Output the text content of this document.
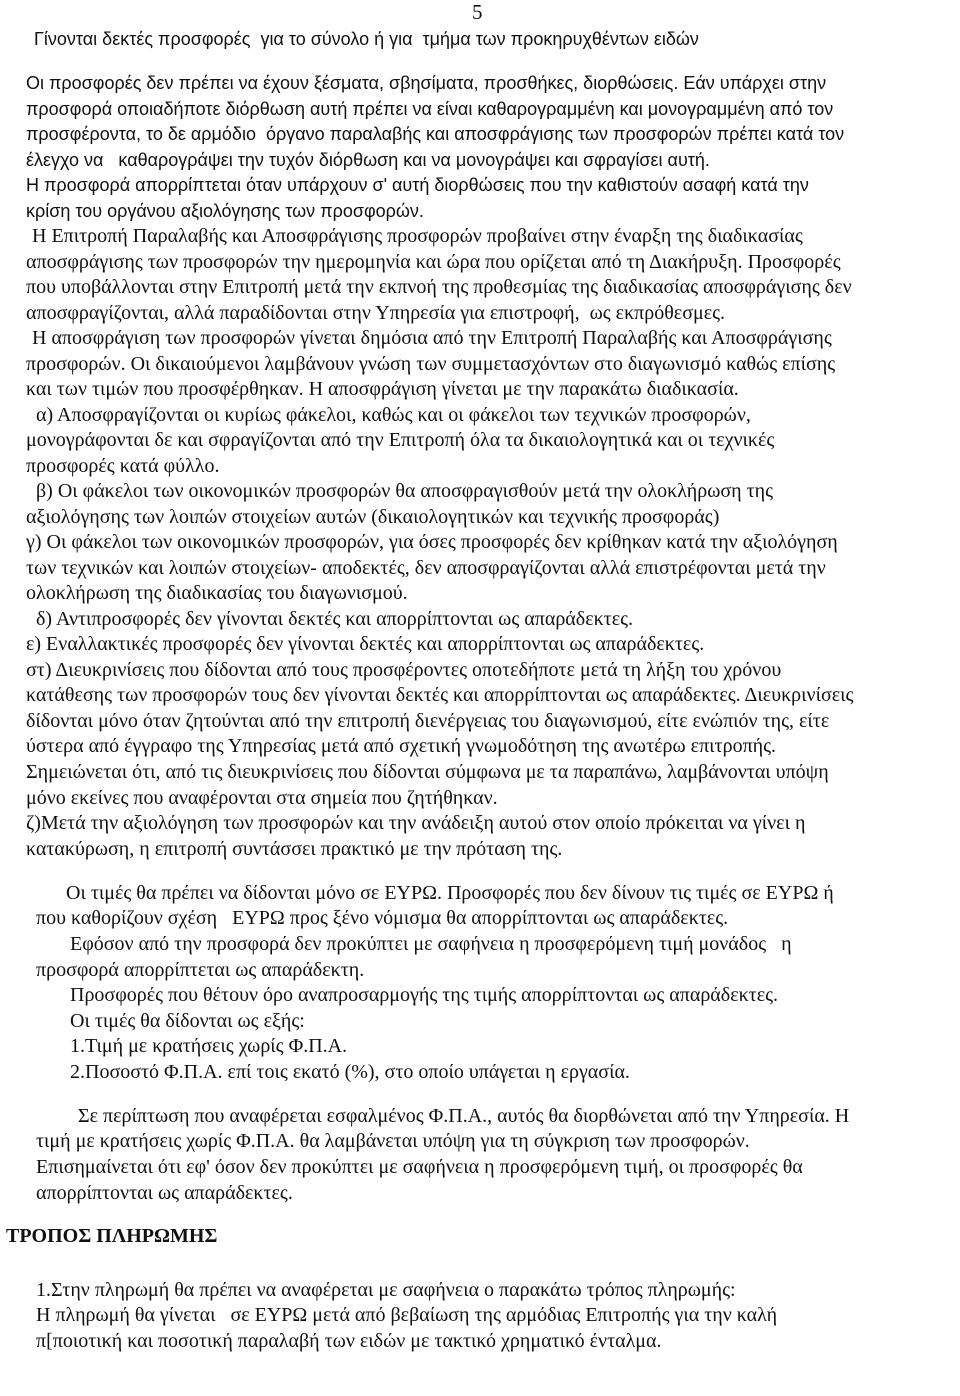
5
Γίνονται δεκτές προσφορές  για το σύνολο ή για  τμήμα των προκηρυχθέντων ειδών
Οι προσφορές δεν πρέπει να έχουν ξέσματα, σβησίματα, προσθήκες, διορθώσεις. Εάν υπάρχει στην
προσφορά οποιαδήποτε διόρθωση αυτή πρέπει να είναι καθαρογραμμένη και μονογραμμένη από τον
προσφέροντα, το δε αρμόδιο  όργανο παραλαβής και αποσφράγισης των προσφορών πρέπει κατά τον
έλεγχο να   καθαρογράψει την τυχόν διόρθωση και να μονογράψει και σφραγίσει αυτή.
Η προσφορά απορρίπτεται όταν υπάρχουν σ' αυτή διορθώσεις που την καθιστούν ασαφή κατά την
κρίση του οργάνου αξιολόγησης των προσφορών.
Η Επιτροπή Παραλαβής και Αποσφράγισης προσφορών προβαίνει στην έναρξη της διαδικασίας
αποσφράγισης των προσφορών την ημερομηνία και ώρα που ορίζεται από τη Διακήρυξη. Προσφορές
που υποβάλλονται στην Επιτροπή μετά την εκπνοή της προθεσμίας της διαδικασίας αποσφράγισης δεν
αποσφραγίζονται, αλλά παραδίδονται στην Υπηρεσία για επιστροφή,  ως εκπρόθεσμες.
Η αποσφράγιση των προσφορών γίνεται δημόσια από την Επιτροπή Παραλαβής και Αποσφράγισης
προσφορών. Οι δικαιούμενοι λαμβάνουν γνώση των συμμετασχόντων στο διαγωνισμό καθώς επίσης
και των τιμών που προσφέρθηκαν. Η αποσφράγιση γίνεται με την παρακάτω διαδικασία.
α) Αποσφραγίζονται οι κυρίως φάκελοι, καθώς και οι φάκελοι των τεχνικών προσφορών,
μονογράφονται δε και σφραγίζονται από την Επιτροπή όλα τα δικαιολογητικά και οι τεχνικές
προσφορές κατά φύλλο.
β) Οι φάκελοι των οικονομικών προσφορών θα αποσφραγισθούν μετά την ολοκλήρωση της
αξιολόγησης των λοιπών στοιχείων αυτών (δικαιολογητικών και τεχνικής προσφοράς)
γ) Οι φάκελοι των οικονομικών προσφορών, για όσες προσφορές δεν κρίθηκαν κατά την αξιολόγηση
των τεχνικών και λοιπών στοιχείων- αποδεκτές, δεν αποσφραγίζονται αλλά επιστρέφονται μετά την
ολοκλήρωση της διαδικασίας του διαγωνισμού.
δ) Αντιπροσφορές δεν γίνονται δεκτές και απορρίπτονται ως απαράδεκτες.
ε) Εναλλακτικές προσφορές δεν γίνονται δεκτές και απορρίπτονται ως απαράδεκτες.
στ) Διευκρινίσεις που δίδονται από τους προσφέροντες οποτεδήποτε μετά τη λήξη του χρόνου
κατάθεσης των προσφορών τους δεν γίνονται δεκτές και απορρίπτονται ως απαράδεκτες. Διευκρινίσεις
δίδονται μόνο όταν ζητούνται από την επιτροπή διενέργειας του διαγωνισμού, είτε ενώπιόν της, είτε
ύστερα από έγγραφο της Υπηρεσίας μετά από σχετική γνωμοδότηση της ανωτέρω επιτροπής.
Σημειώνεται ότι, από τις διευκρινίσεις που δίδονται σύμφωνα με τα παραπάνω, λαμβάνονται υπόψη
μόνο εκείνες που αναφέρονται στα σημεία που ζητήθηκαν.
ζ)Μετά την αξιολόγηση των προσφορών και την ανάδειξη αυτού στον οποίο πρόκειται να γίνει η
κατακύρωση, η επιτροπή συντάσσει πρακτικό με την πρόταση της.
Οι τιμές θα πρέπει να δίδονται μόνο σε ΕΥΡΩ. Προσφορές που δεν δίνουν τις τιμές σε ΕΥΡΩ ή
που καθορίζουν σχέση   ΕΥΡΩ προς ξένο νόμισμα θα απορρίπτονται ως απαράδεκτες.
Εφόσον από την προσφορά δεν προκύπτει με σαφήνεια η προσφερόμενη τιμή μονάδος   η
προσφορά απορρίπτεται ως απαράδεκτη.
Προσφορές που θέτουν όρο αναπροσαρμογής της τιμής απορρίπτονται ως απαράδεκτες.
Οι τιμές θα δίδονται ως εξής:
1.Τιμή με κρατήσεις χωρίς Φ.Π.Α.
2.Ποσοστό Φ.Π.Α. επί τοις εκατό (%), στο οποίο υπάγεται η εργασία.
Σε περίπτωση που αναφέρεται εσφαλμένος Φ.Π.Α., αυτός θα διορθώνεται από την Υπηρεσία. Η
τιμή με κρατήσεις χωρίς Φ.Π.Α. θα λαμβάνεται υπόψη για τη σύγκριση των προσφορών.
Επισημαίνεται ότι εφ' όσον δεν προκύπτει με σαφήνεια η προσφερόμενη τιμή, οι προσφορές θα
απορρίπτονται ως απαράδεκτες.
ΤΡΟΠΟΣ ΠΛΗΡΩΜΗΣ
1.Στην πληρωμή θα πρέπει να αναφέρεται με σαφήνεια ο παρακάτω τρόπος πληρωμής:
Η πληρωμή θα γίνεται   σε ΕΥΡΩ μετά από βεβαίωση της αρμόδιας Επιτροπής για την καλή
π[ποιοτική και ποσοτική παραλαβή των ειδών με τακτικό χρηματικό ένταλμα.
